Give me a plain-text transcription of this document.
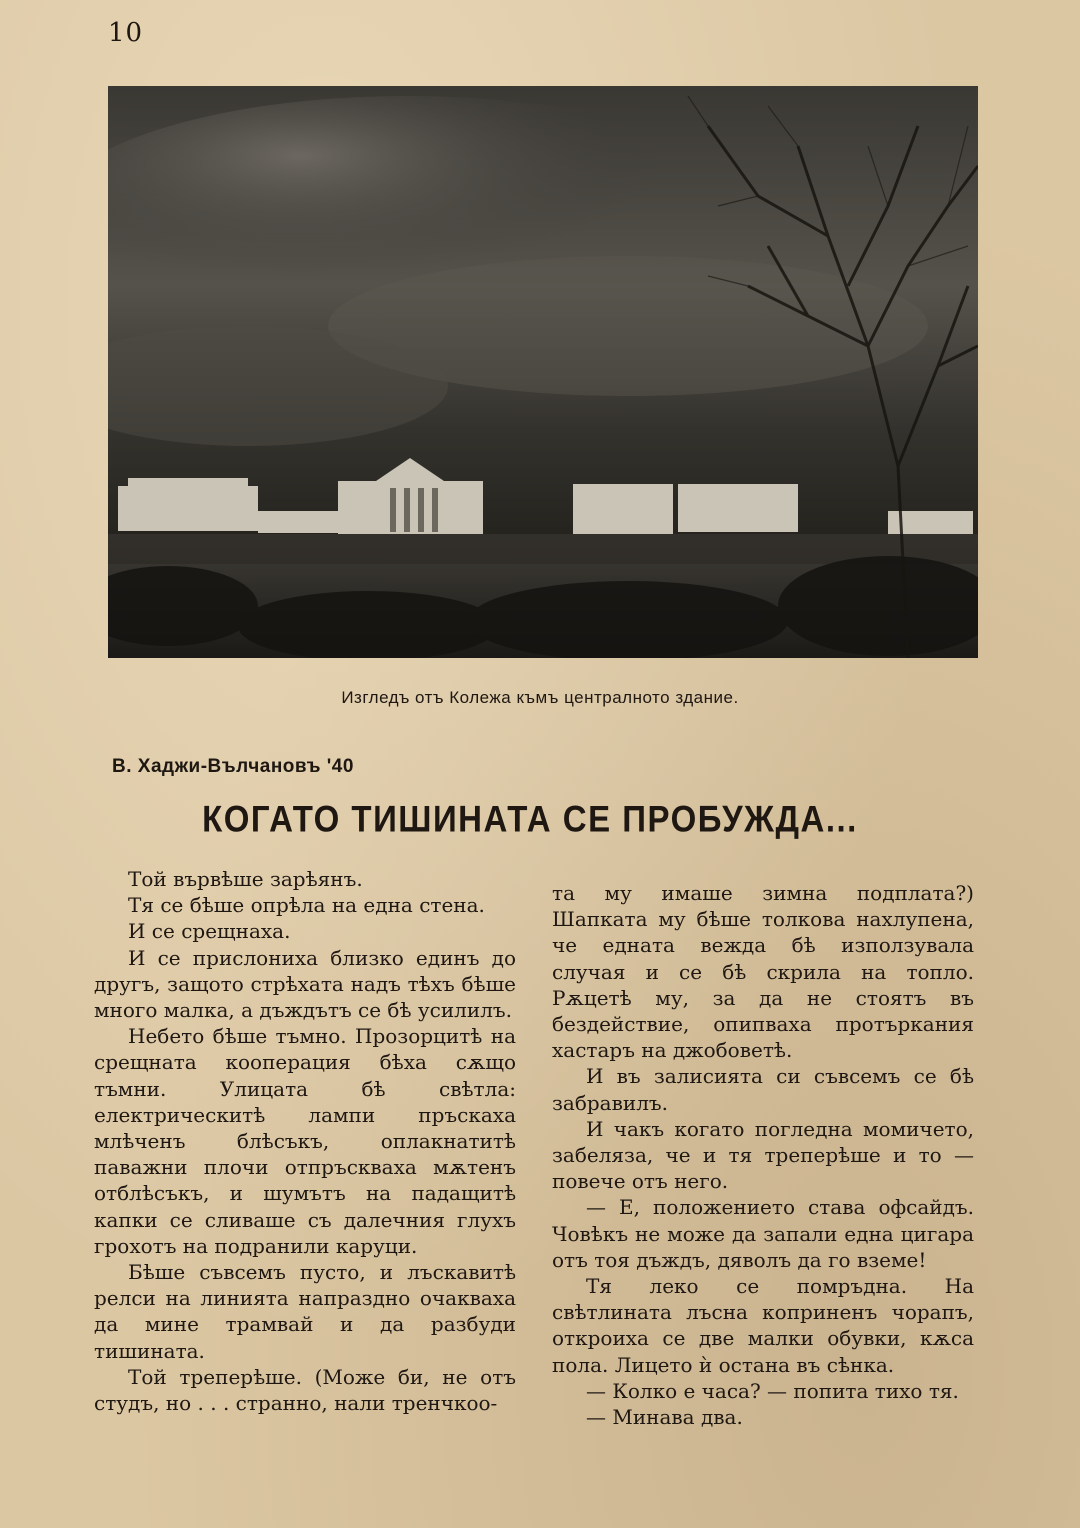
10
Изгледъ отъ Колежа къмъ централното здание.
В. Хаджи-Вълчановъ '40
КОГАТО ТИШИНАТА СЕ ПРОБУЖДА...

Той вървѣше зарѣянъ.

Тя се бѣше опрѣла на една стена.

И се срещнаха.

И се прислониха близко единъ до другъ, защото стрѣхата надъ тѣхъ бѣше много малка, а дъждътъ се бѣ усилилъ.

Небето бѣше тъмно. Прозорцитѣ на срещната кооперация бѣха сѫщо тъмни. Улицата бѣ свѣтла: електрическитѣ лампи пръскаха млѣченъ блѣсъкъ, оплакнатитѣ паважни плочи отпръскваха мѫтенъ отблѣсъкъ, и шумътъ на падащитѣ капки се сливаше съ далечния глухъ грохотъ на подранили каруци.

Бѣше съвсемъ пусто, и лъскавитѣ релси на линията напраздно очакваха да мине трамвай и да разбуди тишината.

Той треперѣше. (Може би, не отъ студъ, но . . . странно, нали тренчкоо-

та му имаше зимна подплата?) Шапката му бѣше толкова нахлупена, че едната вежда бѣ използувала случая и се бѣ скрила на топло. Рѫцетѣ му, за да не стоятъ въ бездействие, опипваха протъркания хастаръ на джобоветѣ.

И въ залисията си съвсемъ се бѣ забравилъ.

И чакъ когато погледна момичето, забеляза, че и тя треперѣше и то — повече отъ него.

— Е, положението става офсайдъ. Човѣкъ не може да запали една цигара отъ тоя дъждъ, дяволъ да го вземе!

Тя леко се помръдна. На свѣтлината лъсна коприненъ чорапъ, откроиха се две малки обувки, кѫса пола. Лицето ѝ остана въ сѣнка.

— Колко е часа? — попита тихо тя.

— Минава два.
